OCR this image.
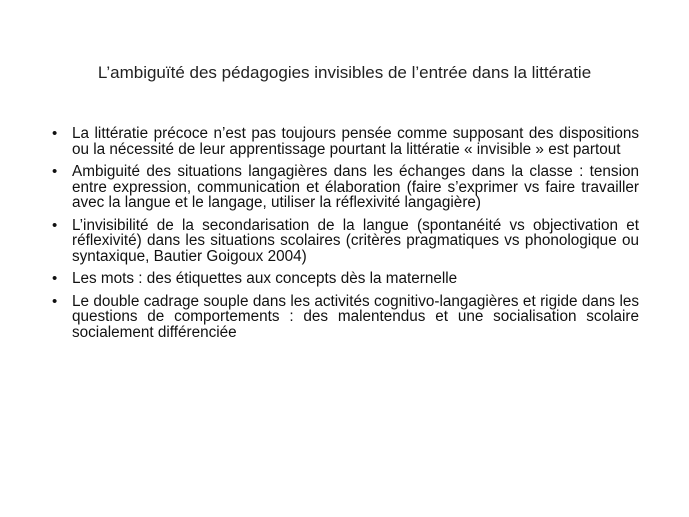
L’ambiguïté des pédagogies invisibles de l’entrée dans la littératie
• La littératie précoce n’est pas toujours pensée comme supposant des dispositions ou la nécessité de leur apprentissage pourtant la littératie « invisible » est partout
• Ambiguité des situations langagières dans les échanges dans la classe : tension entre expression, communication et élaboration (faire s’exprimer vs faire travailler avec la langue et le langage, utiliser la réflexivité langagière)
• L’invisibilité de la secondarisation de la langue (spontanéité vs objectivation et réflexivité) dans les situations scolaires (critères pragmatiques vs phonologique ou syntaxique, Bautier Goigoux 2004)
• Les mots : des étiquettes aux concepts dès la maternelle
• Le double cadrage souple dans les activités cognitivo-langagières et rigide dans les questions de comportements : des malentendus et une socialisation scolaire socialement différenciée
